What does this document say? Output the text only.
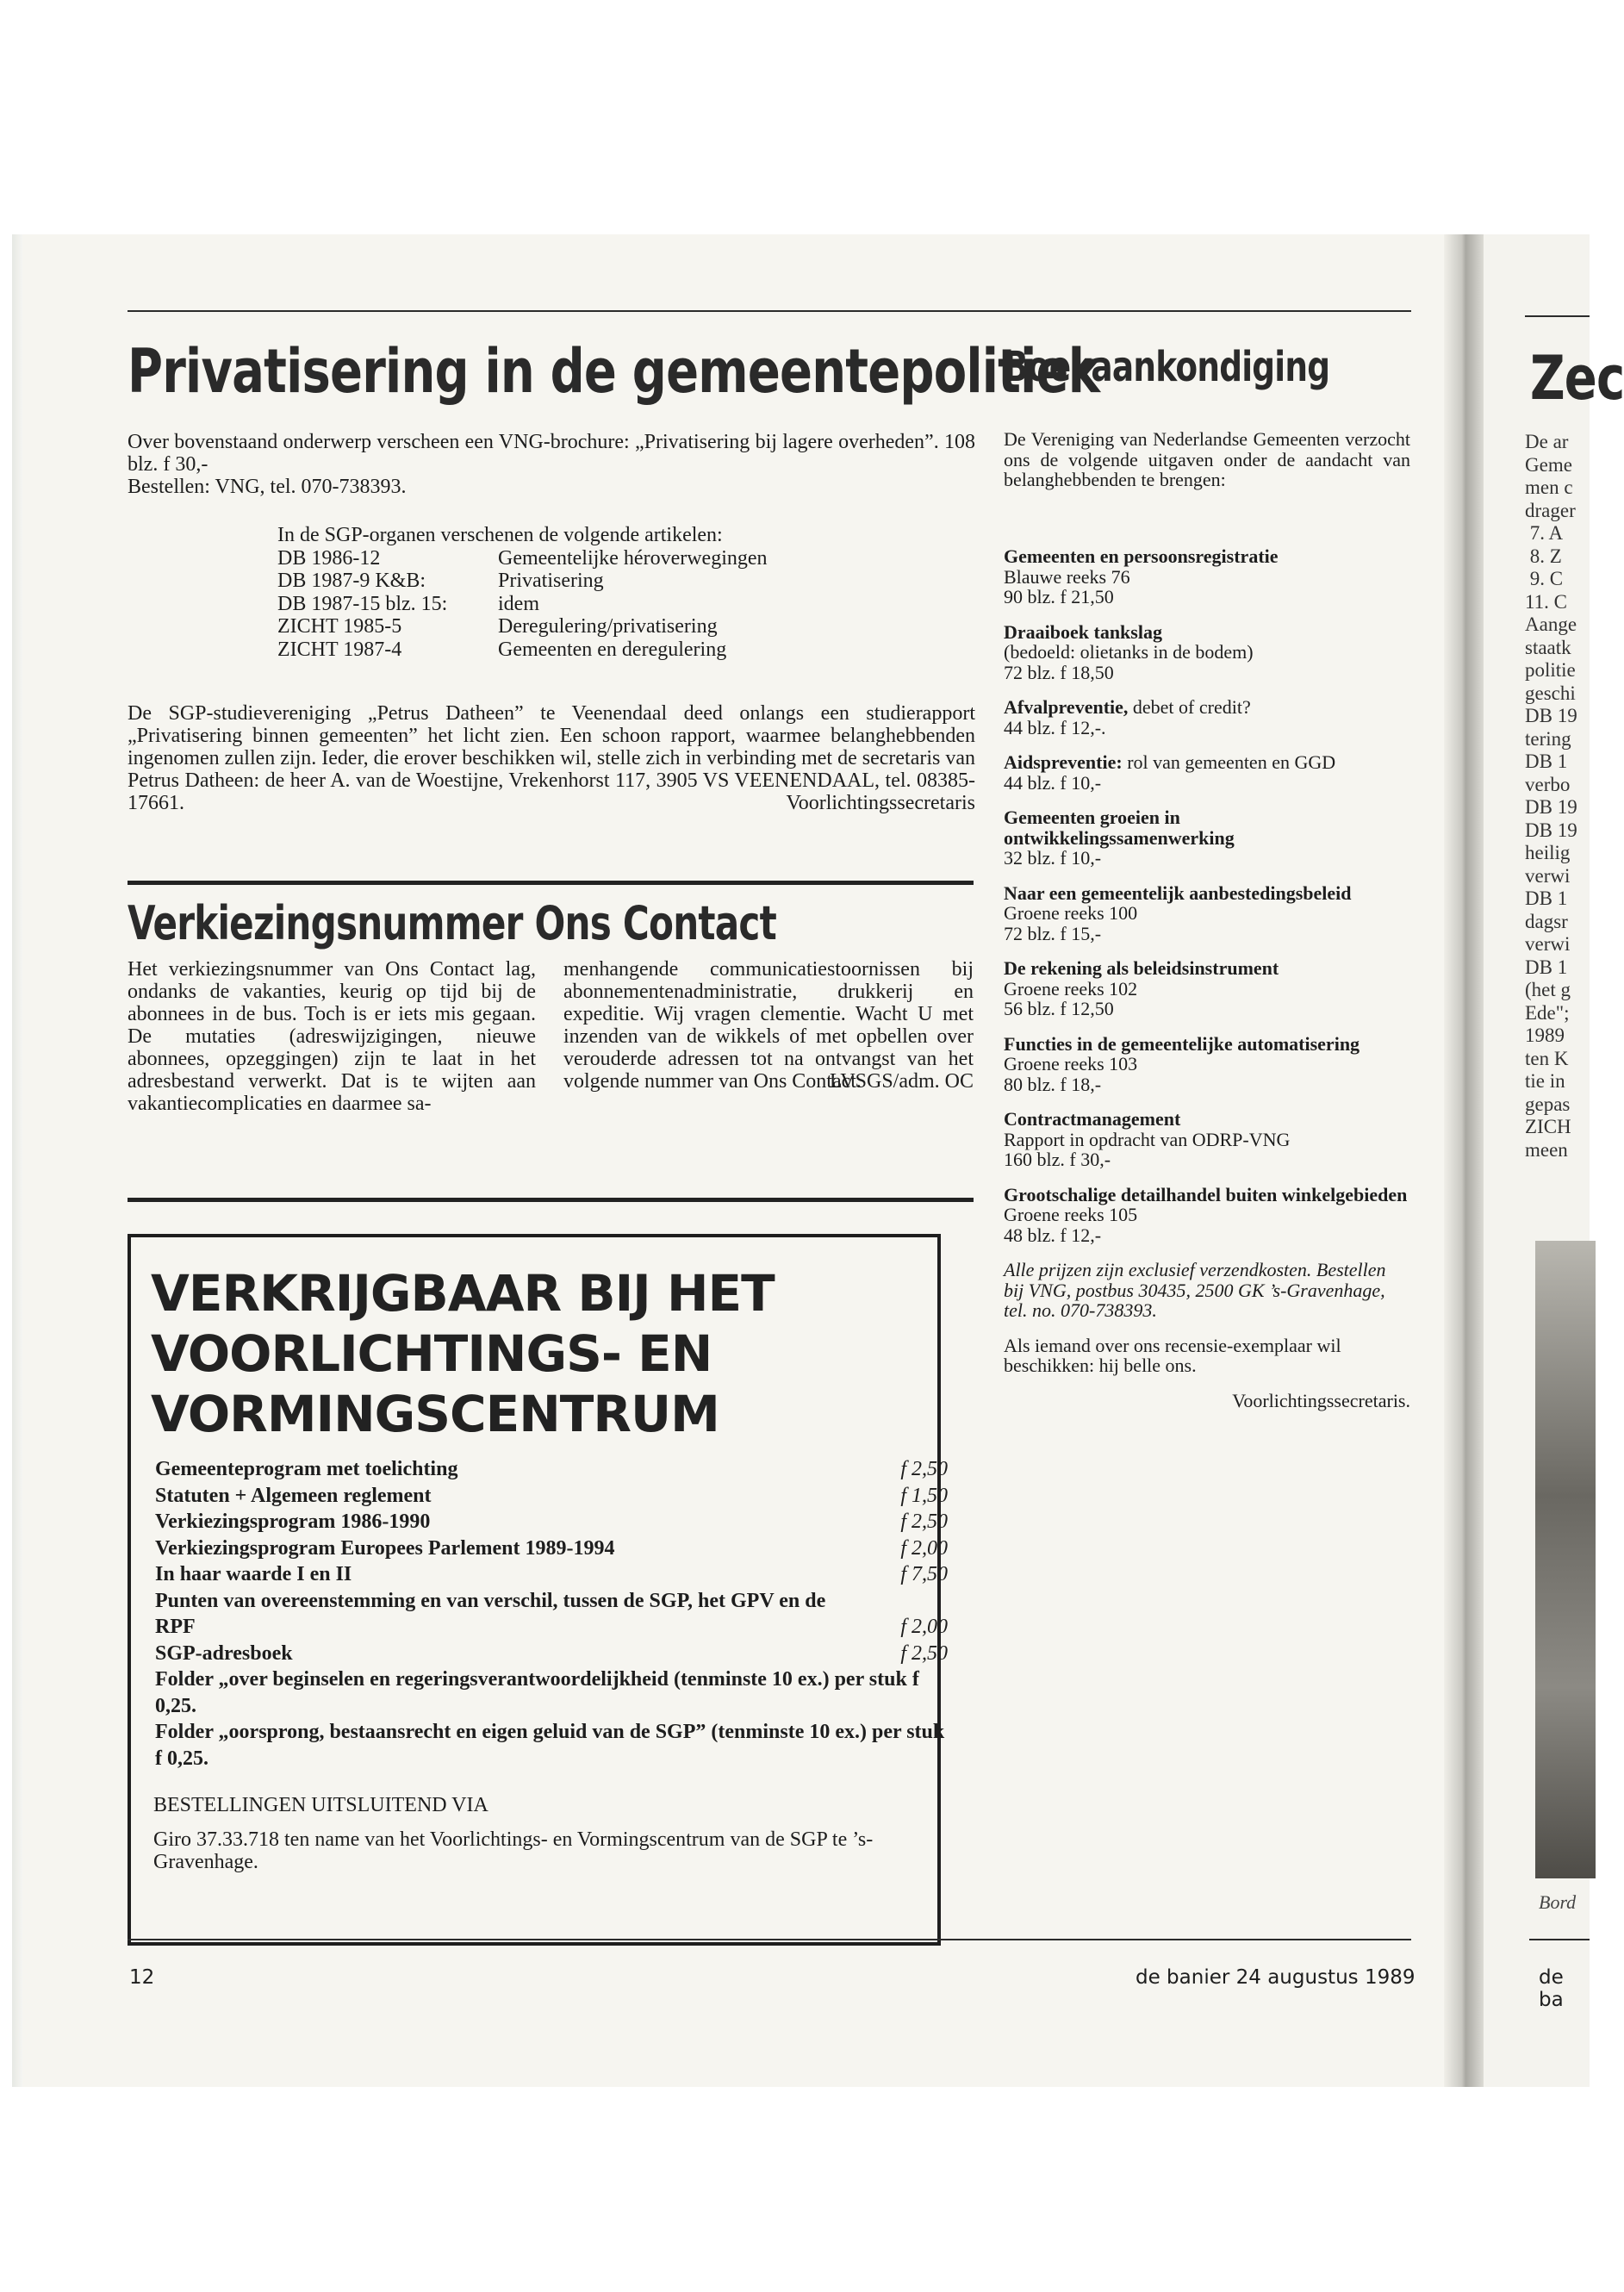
Privatisering in de gemeentepolitiek

Over bovenstaand onderwerp verscheen een VNG-brochure: „Privatisering bij lagere overheden”. 108 blz. f 30,-

Bestellen: VNG, tel. 070-738393.

In de SGP-organen verschenen de volgende artikelen:
DB 1986-12	Gemeentelijke héroverwegingen
DB 1987-9 K&B:	Privatisering
DB 1987-15 blz. 15:	idem
ZICHT 1985-5	Deregulering/privatisering
ZICHT 1987-4	Gemeenten en deregulering

De SGP-studievereniging „Petrus Datheen” te Veenendaal deed onlangs een studierapport „Privatisering binnen gemeenten” het licht zien. Een schoon rapport, waarmee belanghebbenden ingenomen zullen zijn. Ieder, die erover beschikken wil, stelle zich in verbinding met de secretaris van Petrus Datheen: de heer A. van de Woestijne, Vrekenhorst 117, 3905 VS VEENENDAAL, tel. 08385-17661.	Voorlichtingssecretaris

Verkiezingsnummer Ons Contact

Het verkiezingsnummer van Ons Contact lag, ondanks de vakanties, keurig op tijd bij de abonnees in de bus. Toch is er iets mis gegaan. De mutaties (adreswijzigingen, nieuwe abonnees, opzeggingen) zijn te laat in het adresbestand verwerkt. Dat is te wijten aan vakantiecomplicaties en daarmee sa-

menhangende communicatiestoornissen bij abonnementenadministratie, drukkerij en expeditie. Wij vragen clementie. Wacht U met inzenden van de wikkels of met opbellen over verouderde adressen tot na ontvangst van het volgende nummer van Ons Contact.

LVSGS/adm. OC

VERKRIJGBAAR BIJ HET
VOORLICHTINGS- EN
VORMINGSCENTRUM
Gemeenteprogram met toelichting	f 2,50
Statuten + Algemeen reglement	f 1,50
Verkiezingsprogram 1986-1990	f 2,50
Verkiezingsprogram Europees Parlement 1989-1994	f 2,00
In haar waarde I en II	f 7,50
Punten van overeenstemming en van verschil, tussen de SGP, het GPV en de RPF	f 2,00
SGP-adresboek	f 2,50

Folder „over beginselen en regeringsverantwoordelijkheid (tenminste 10 ex.) per stuk f 0,25.

Folder „oorsprong, bestaansrecht en eigen geluid van de SGP” (tenminste 10 ex.) per stuk f 0,25.

BESTELLINGEN UITSLUITEND VIA
Giro 37.33.718 ten name van het Voorlichtings- en Vormingscentrum van de SGP te ’s-Gravenhage.
Boekaankondiging
De Vereniging van Nederlandse Gemeenten verzocht ons de volgende uitgaven onder de aandacht van belanghebbenden te brengen:
Gemeenten en persoonsregistratie
Blauwe reeks 76
90 blz. f 21,50
Draaiboek tankslag
(bedoeld: olietanks in de bodem)
72 blz. f 18,50
Afvalpreventie, debet of credit?
44 blz. f 12,-.
Aidspreventie: rol van gemeenten en GGD
44 blz. f 10,-
Gemeenten groeien in ontwikkelingssamenwerking
32 blz. f 10,-
Naar een gemeentelijk aanbestedingsbeleid
Groene reeks 100
72 blz. f 15,-
De rekening als beleidsinstrument
Groene reeks 102
56 blz. f 12,50
Functies in de gemeentelijke automatisering
Groene reeks 103
80 blz. f 18,-
Contractmanagement
Rapport in opdracht van ODRP-VNG
160 blz. f 30,-
Grootschalige detailhandel buiten winkelgebieden
Groene reeks 105
48 blz. f 12,-
Alle prijzen zijn exclusief verzendkosten. Bestellen bij VNG, postbus 30435, 2500 GK ’s-Gravenhage, tel. no. 070-738393.
Als iemand over ons recensie-exemplaar wil beschikken: hij belle ons.
Voorlichtingssecretaris.
12	de banier 24 augustus 1989	de ba
Zec
De ar
Geme
men c
drager
7. A
8. Z
9. C
11. C
Aange
staatk
politie
geschi
DB 19
tering
DB 1
verbo
DB 19
DB 19
heilig
verwi
DB 1
dagsr
verwi
DB 1
(het g
Ede";
1989
ten K
tie in
gepas
ZICH
meen
Bord
